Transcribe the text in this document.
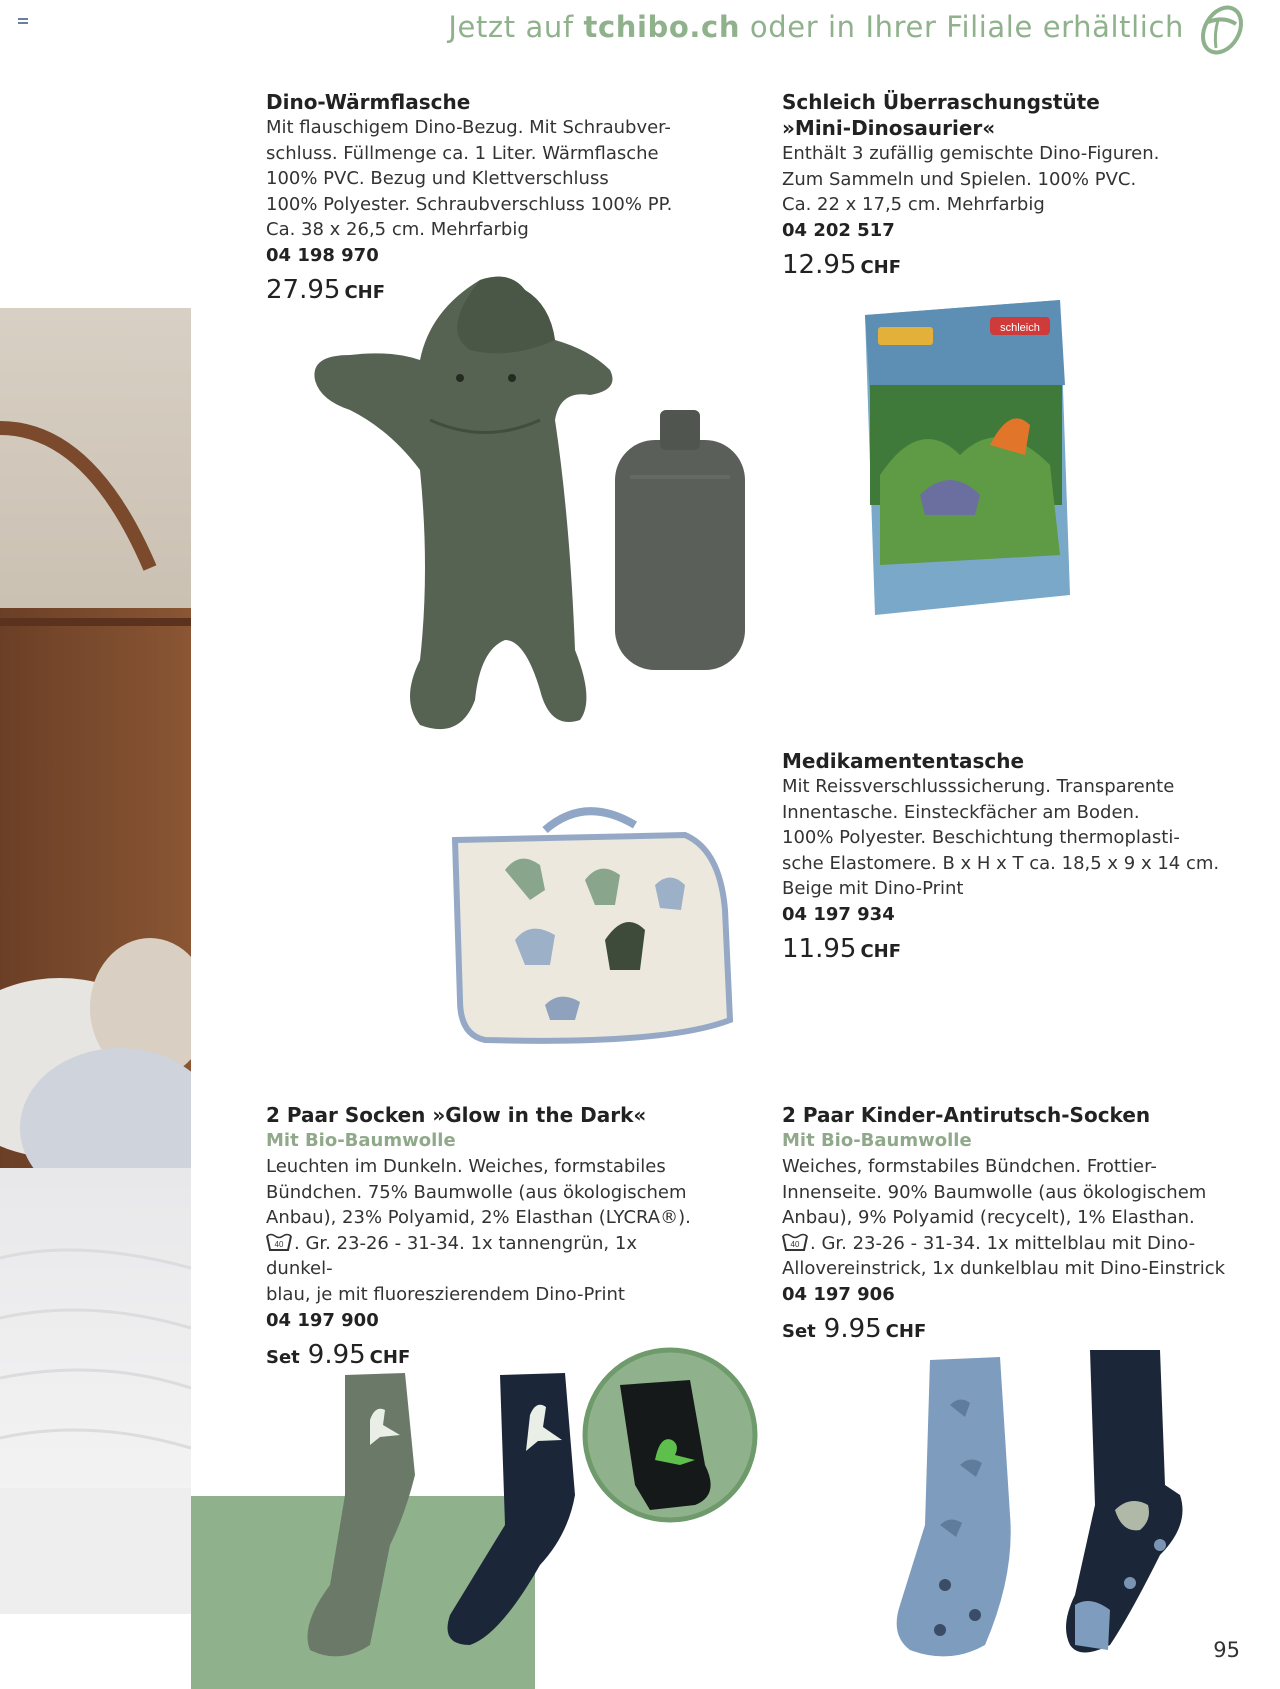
Jetzt auf tchibo.ch oder in Ihrer Filiale erhältlich
Dino-Wärmflasche
Mit flauschigem Dino-Bezug. Mit Schraubver-
schluss. Füllmenge ca. 1 Liter. Wärmflasche
100% PVC. Bezug und Klettverschluss
100% Polyester. Schraubverschluss 100% PP.
Ca. 38 x 26,5 cm. Mehrfarbig
04 198 970
27.95 CHF
Schleich Überraschungstüte
»Mini-Dinosaurier«
Enthält 3 zufällig gemischte Dino-Figuren.
Zum Sammeln und Spielen. 100% PVC.
Ca. 22 x 17,5 cm. Mehrfarbig
04 202 517
12.95 CHF
schleich
Medikamententasche
Mit Reissverschlusssicherung. Transparente
Innentasche. Einsteckfächer am Boden.
100% Polyester. Beschichtung thermoplasti-
sche Elastomere. B x H x T ca. 18,5 x 9 x 14 cm.
Beige mit Dino-Print
04 197 934
11.95 CHF
2 Paar Socken »Glow in the Dark«
Mit Bio-Baumwolle
Leuchten im Dunkeln. Weiches, formstabiles
Bündchen. 75% Baumwolle (aus ökologischem
Anbau), 23% Polyamid, 2% Elasthan (LYCRA®).
40 . Gr. 23-26 - 31-34. 1x tannengrün, 1x dunkel-
blau, je mit fluoreszierendem Dino-Print
04 197 900
Set 9.95 CHF
2 Paar Kinder-Antirutsch-Socken
Mit Bio-Baumwolle
Weiches, formstabiles Bündchen. Frottier-
Innenseite. 90% Baumwolle (aus ökologischem
Anbau), 9% Polyamid (recycelt), 1% Elasthan.
40 . Gr. 23-26 - 31-34. 1x mittelblau mit Dino-
Allovereinstrick, 1x dunkelblau mit Dino-Einstrick
04 197 906
Set 9.95 CHF
95
